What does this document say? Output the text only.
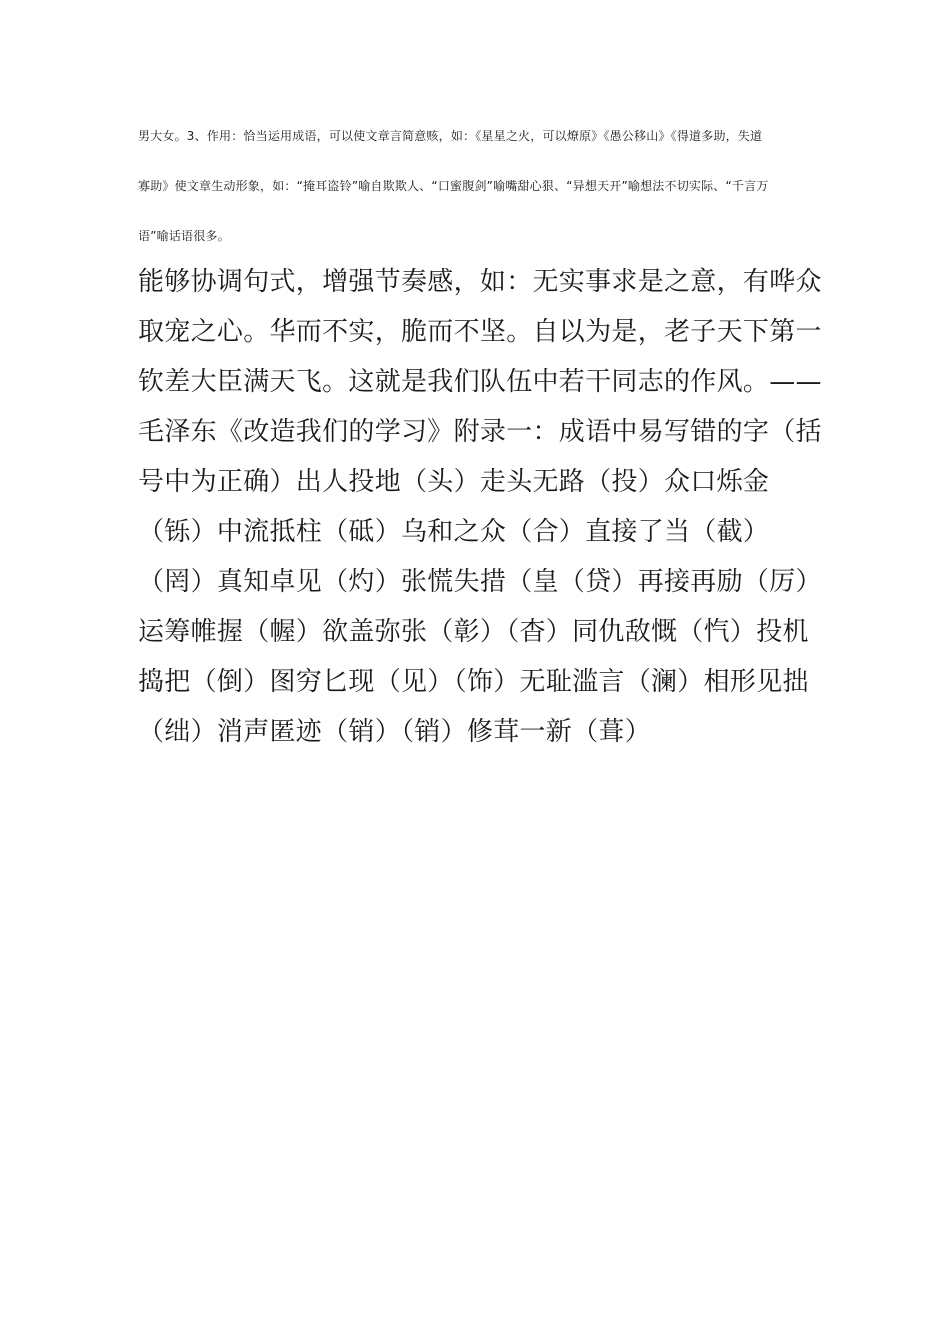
男大女。3、作用：恰当运用成语，可以使文章言简意赅，如：《星星之火，可以燎原》《愚公移山》《得道多助，失道
寡助》使文章生动形象，如：“掩耳盗铃”喻自欺欺人、“口蜜腹剑”喻嘴甜心狠、“异想天开”喻想法不切实际、“千言万
语”喻话语很多。
能够协调句式，增强节奏感，如：无实事求是之意，有哗众
取宠之心。华而不实，脆而不坚。自以为是，老子天下第一
钦差大臣满天飞。这就是我们队伍中若干同志的作风。——
毛泽东《改造我们的学习》附录一：成语中易写错的字（括
号中为正确）出人投地（头）走头无路（投）众口烁金
（铄）中流抵柱（砥）乌和之众（合）直接了当（截）
（罔）真知卓见（灼）张慌失措（皇（贷）再接再励（厉）
运筹帷握（幄）欲盖弥张（彰）（杳）同仇敌慨（忾）投机
捣把（倒）图穷匕现（见）（饰）无耻滥言（澜）相形见拙
（绌）消声匿迹（销）（销）修茸一新（葺）
